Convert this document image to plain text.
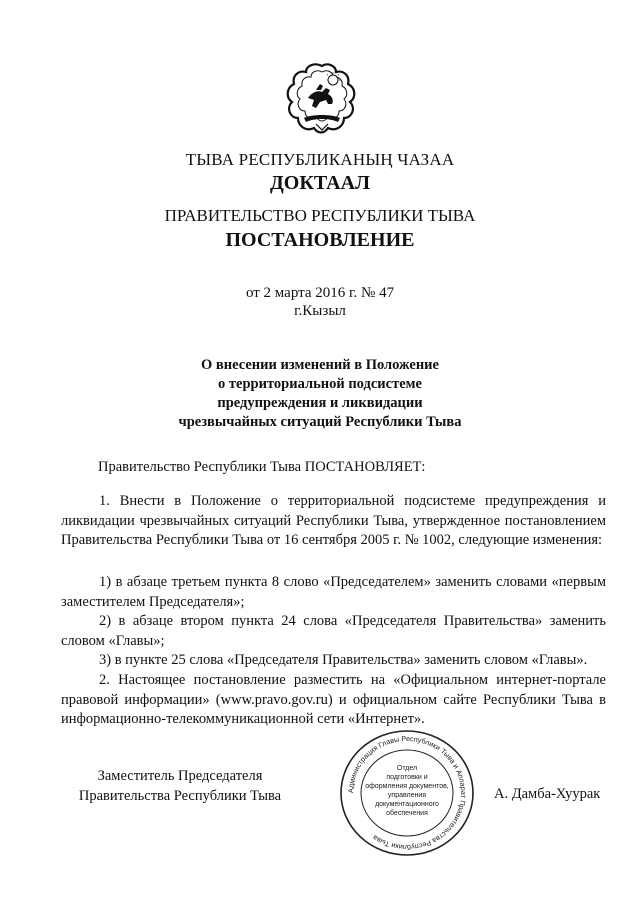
ТЫВА РЕСПУБЛИКАНЫҢ ЧАЗАА
ДОКТААЛ
ПРАВИТЕЛЬСТВО РЕСПУБЛИКИ ТЫВА
ПОСТАНОВЛЕНИЕ
от 2 марта 2016 г. № 47
г.Кызыл
О внесении изменений в Положение
о территориальной подсистеме
предупреждения и ликвидации
чрезвычайных ситуаций Республики Тыва
Правительство Республики Тыва ПОСТАНОВЛЯЕТ:
1. Внести в Положение о территориальной подсистеме предупреждения и ликвидации чрезвычайных ситуаций Республики Тыва, утвержденное постановлением Правительства Республики Тыва от 16 сентября 2005 г. № 1002, следующие изменения:
1) в абзаце третьем пункта 8 слово «Председателем» заменить словами «первым заместителем Председателя»;
2) в абзаце втором пункта 24 слова «Председателя Правительства» заменить словом «Главы»;
3) в пункте 25 слова «Председателя Правительства» заменить словом «Главы».
2. Настоящее постановление разместить на «Официальном интернет-портале правовой информации» (www.pravo.gov.ru) и официальном сайте Республики Тыва в информационно-телекоммуникационной сети «Интернет».
Заместитель Председателя
Правительства Республики Тыва	А. Дамба-Хуурак
Администрация Главы Республики Тыва и Аппарат Правительства Республики Тыва
Отдел
подготовки и
оформления документов,
управления
документационного
обеспечения
